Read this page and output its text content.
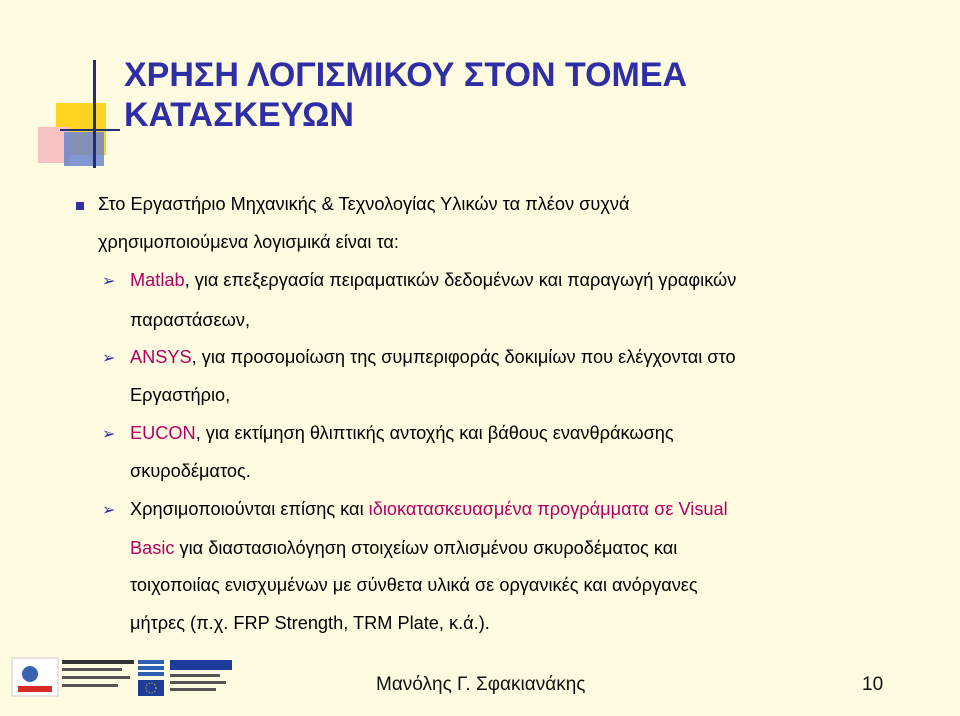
ΧΡΗΣΗ ΛΟΓΙΣΜΙΚΟΥ ΣΤΟΝ ΤΟΜΕΑ
ΚΑΤΑΣΚΕΥΩΝ
Στο Εργαστήριο Μηχανικής & Τεχνολογίας Υλικών τα πλέον συχνά
χρησιμοποιούμενα λογισμικά είναι τα:
➢ Matlab, για επεξεργασία πειραματικών δεδομένων και παραγωγή γραφικών
παραστάσεων,
➢ ANSYS, για προσομοίωση της συμπεριφοράς δοκιμίων που ελέγχονται στο
Εργαστήριο,
➢ EUCON, για εκτίμηση θλιπτικής αντοχής και βάθους ενανθράκωσης
σκυροδέματος.
➢ Χρησιμοποιούνται επίσης και ιδιοκατασκευασμένα προγράμματα σε Visual
Basic για διαστασιολόγηση στοιχείων οπλισμένου σκυροδέματος και
τοιχοποιίας ενισχυμένων με σύνθετα υλικά σε οργανικές και ανόργανες
μήτρες (π.χ. FRP Strength, TRM Plate, κ.ά.).
Μανόλης Γ. Σφακιανάκης	10
